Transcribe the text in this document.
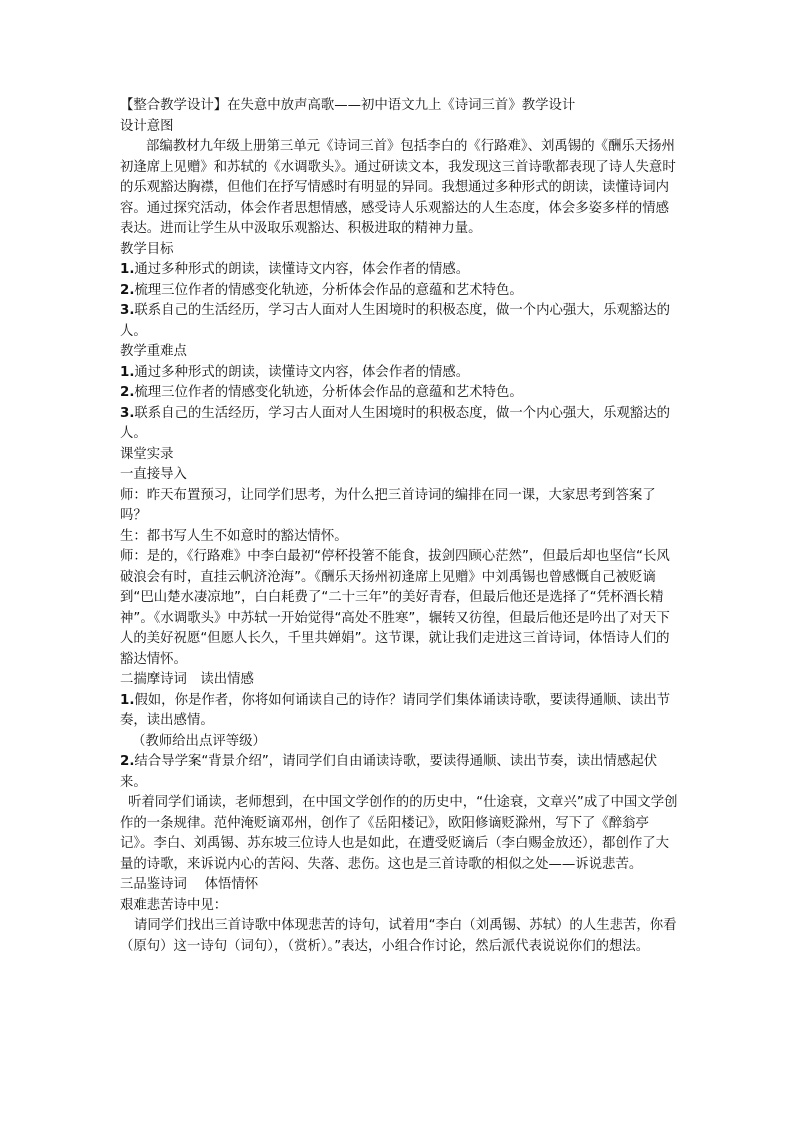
【整合教学设计】在失意中放声高歌——初中语文九上《诗词三首》教学设计

设计意图

部编教材九年级上册第三单元《诗词三首》包括李白的《行路难》、刘禹锡的《酬乐天扬州初逢席上见赠》和苏轼的《水调歌头》。通过研读文本，我发现这三首诗歌都表现了诗人失意时的乐观豁达胸襟，但他们在抒写情感时有明显的异同。我想通过多种形式的朗读，读懂诗词内容。通过探究活动，体会作者思想情感，感受诗人乐观豁达的人生态度，体会多姿多样的情感表达。进而让学生从中汲取乐观豁达、积极进取的精神力量。

教学目标

1.通过多种形式的朗读，读懂诗文内容，体会作者的情感。

2.梳理三位作者的情感变化轨迹，分析体会作品的意蕴和艺术特色。

3.联系自己的生活经历，学习古人面对人生困境时的积极态度，做一个内心强大，乐观豁达的人。

教学重难点

1.通过多种形式的朗读，读懂诗文内容，体会作者的情感。

2.梳理三位作者的情感变化轨迹，分析体会作品的意蕴和艺术特色。

3.联系自己的生活经历，学习古人面对人生困境时的积极态度，做一个内心强大，乐观豁达的人。

课堂实录

一直接导入

师：昨天布置预习，让同学们思考，为什么把三首诗词的编排在同一课，大家思考到答案了吗？

生：都书写人生不如意时的豁达情怀。

师：是的，《行路难》中李白最初“停杯投箸不能食，拔剑四顾心茫然”，但最后却也坚信“长风破浪会有时，直挂云帆济沧海”。《酬乐天扬州初逢席上见赠》中刘禹锡也曾感慨自己被贬谪到“巴山楚水凄凉地”，白白耗费了“二十三年”的美好青春，但最后他还是选择了“凭杯酒长精神”。《水调歌头》中苏轼一开始觉得“高处不胜寒”，辗转又彷徨，但最后他还是吟出了对天下人的美好祝愿“但愿人长久，千里共婵娟”。这节课，就让我们走进这三首诗词，体悟诗人们的豁达情怀。

二揣摩诗词　读出情感

1.假如，你是作者，你将如何诵读自己的诗作？请同学们集体诵读诗歌，要读得通顺、读出节奏，读出感情。

（教师给出点评等级）

2.结合导学案“背景介绍”，请同学们自由诵读诗歌，要读得通顺、读出节奏，读出情感起伏来。

听着同学们诵读，老师想到，在中国文学创作的的历史中，“仕途衰，文章兴”成了中国文学创作的一条规律。范仲淹贬谪邓州，创作了《岳阳楼记》，欧阳修谪贬滁州，写下了《醉翁亭记》。李白、刘禹锡、苏东坡三位诗人也是如此，在遭受贬谪后（李白赐金放还），都创作了大量的诗歌，来诉说内心的苦闷、失落、悲伤。这也是三首诗歌的相似之处——诉说悲苦。

三品鉴诗词　 体悟情怀

艰难悲苦诗中见：

请同学们找出三首诗歌中体现悲苦的诗句，试着用“李白（刘禹锡、苏轼）的人生悲苦，你看（原句）这一诗句（词句），（赏析）。”表达，小组合作讨论，然后派代表说说你们的想法。
